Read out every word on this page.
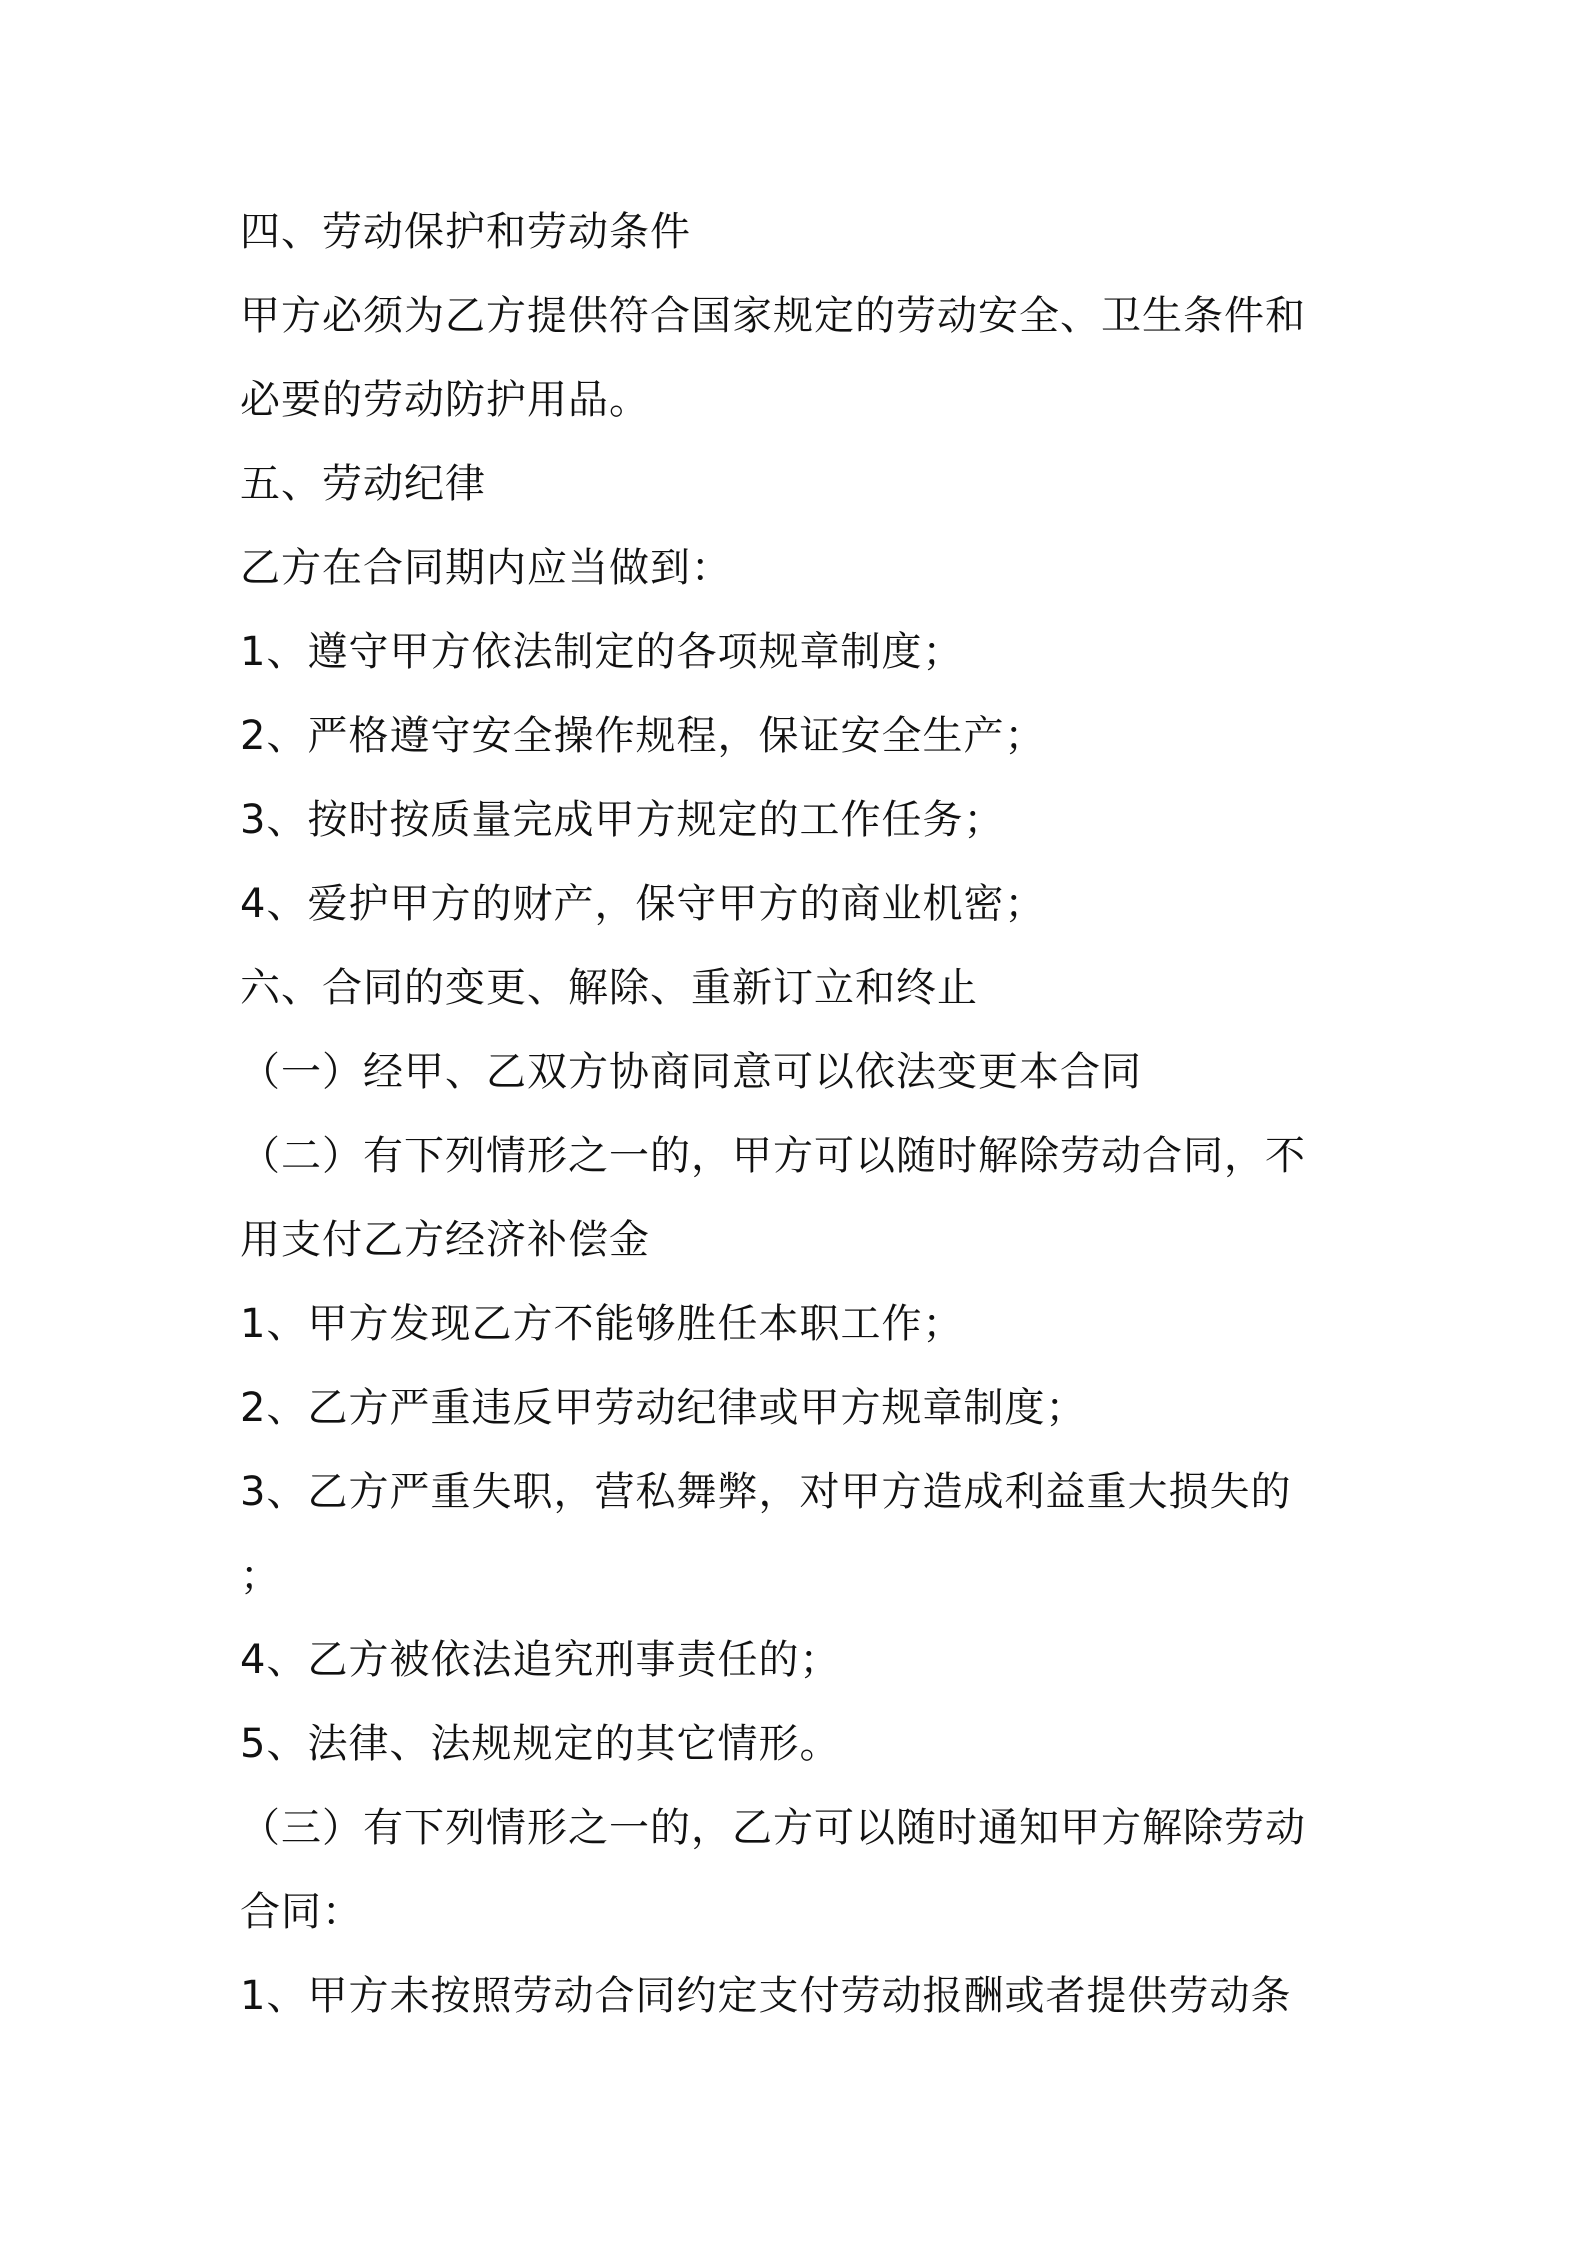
四、劳动保护和劳动条件
甲方必须为乙方提供符合国家规定的劳动安全、卫生条件和
必要的劳动防护用品。
五、劳动纪律
乙方在合同期内应当做到：
1、遵守甲方依法制定的各项规章制度；
2、严格遵守安全操作规程，保证安全生产；
3、按时按质量完成甲方规定的工作任务；
4、爱护甲方的财产，保守甲方的商业机密；
六、合同的变更、解除、重新订立和终止
（一）经甲、乙双方协商同意可以依法变更本合同
（二）有下列情形之一的，甲方可以随时解除劳动合同，不
用支付乙方经济补偿金
1、甲方发现乙方不能够胜任本职工作；
2、乙方严重违反甲劳动纪律或甲方规章制度；
3、乙方严重失职，营私舞弊，对甲方造成利益重大损失的
；
4、乙方被依法追究刑事责任的；
5、法律、法规规定的其它情形。
（三）有下列情形之一的，乙方可以随时通知甲方解除劳动
合同：
1、甲方未按照劳动合同约定支付劳动报酬或者提供劳动条
